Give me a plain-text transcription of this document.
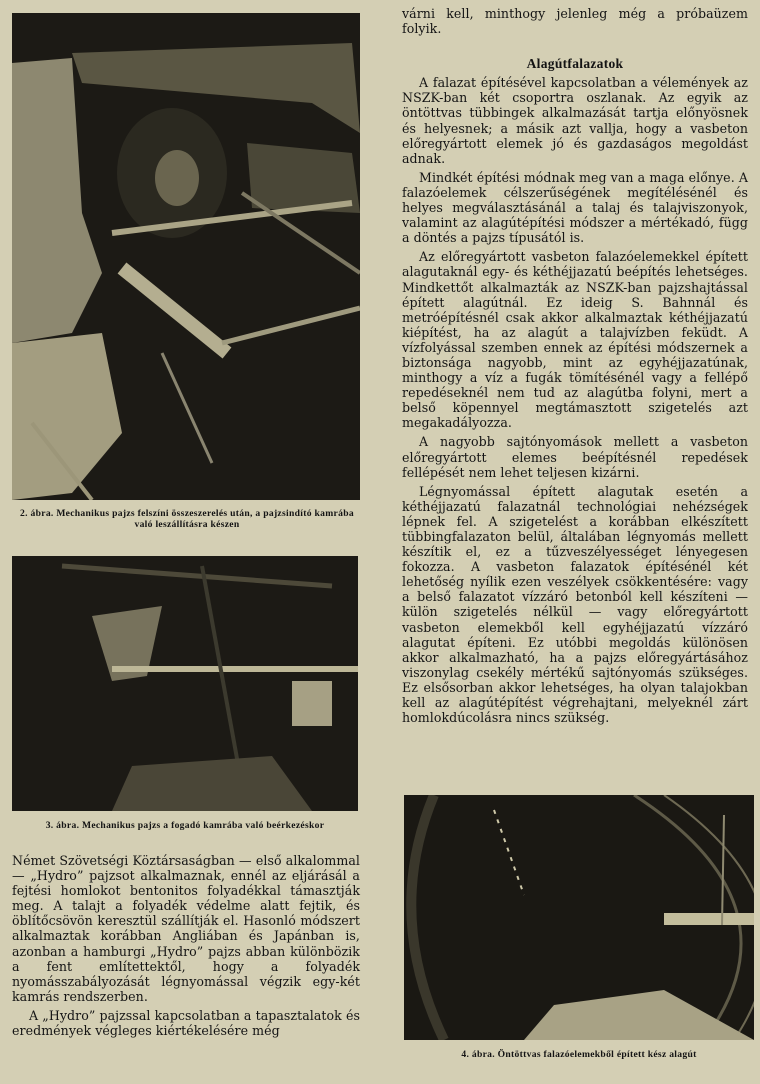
2. ábra. Mechanikus pajzs felszíni összeszerelés után, a pajzsindító kamrába való leszállításra készen
3. ábra. Mechanikus pajzs a fogadó kamrába való beérkezéskor

Német Szövetségi Köztársaságban — első alkalommal — „Hydro” pajzsot alkalmaznak, ennél az eljárásál a fejtési homlokot bentonitos folyadékkal támasztják meg. A talajt a folyadék védelme alatt fejtik, és öblítőcsövön keresztül szállítják el. Hasonló módszert alkalmaztak korábban Angliában és Japánban is, azonban a hamburgi „Hydro” pajzs abban különbözik a fent említettektől, hogy a folyadék nyomásszabályozását légnyomással végzik egy-két kamrás rendszerben.

A „Hydro” pajzssal kapcsolatban a tapasztalatok és eredmények végleges kiértékelésére még

várni kell, minthogy jelenleg még a próbaüzem folyik.

Alagútfalazatok

A falazat építésével kapcsolatban a vélemények az NSZK-ban két csoportra oszlanak. Az egyik az öntöttvas tübbingek alkalmazását tartja előnyösnek és helyesnek; a másik azt vallja, hogy a vasbeton előregyártott elemek jó és gazdaságos megoldást adnak.

Mindkét építési módnak meg van a maga előnye. A falazóelemek célszerűségének megítélésénél és helyes megválasztásánál a talaj és talajviszonyok, valamint az alagútépítési módszer a mértékadó, függ a döntés a pajzs típusától is.

Az előregyártott vasbeton falazóelemekkel épített alagutaknál egy- és kéthéjjazatú beépítés lehetséges. Mindkettőt alkalmazták az NSZK-ban pajzshajtással épített alagútnál. Ez ideig S. Bahnnál és metróépítésnél csak akkor alkalmaztak kéthéjjazatú kiépítést, ha az alagút a talajvízben feküdt. A vízfolyással szemben ennek az építési módszernek a biztonsága nagyobb, mint az egyhéjjazatúnak, minthogy a víz a fugák tömítésénél vagy a fellépő repedéseknél nem tud az alagútba folyni, mert a belső köpennyel megtámasztott szigetelés azt megakadályozza.

A nagyobb sajtónyomások mellett a vasbeton előregyártott elemes beépítésnél repedések fellépését nem lehet teljesen kizárni.

Légnyomással épített alagutak esetén a kéthéjjazatú falazatnál technológiai nehézségek lépnek fel. A szigetelést a korábban elkészített tübbingfalazaton belül, általában légnyomás mellett készítik el, ez a tűzveszélyességet lényegesen fokozza. A vasbeton falazatok építésénél két lehetőség nyílik ezen veszélyek csökkentésére: vagy a belső falazatot vízzáró betonból kell készíteni — külön szigetelés nélkül — vagy előregyártott vasbeton elemekből kell egyhéjjazatú vízzáró alagutat építeni. Ez utóbbi megoldás különösen akkor alkalmazható, ha a pajzs előregyártásához viszonylag csekély mértékű sajtónyomás szükséges. Ez elsősorban akkor lehetséges, ha olyan talajokban kell az alagútépítést végrehajtani, melyeknél zárt homlokdúcolásra nincs szükség.

4. ábra. Öntöttvas falazóelemekből épített kész alagút
